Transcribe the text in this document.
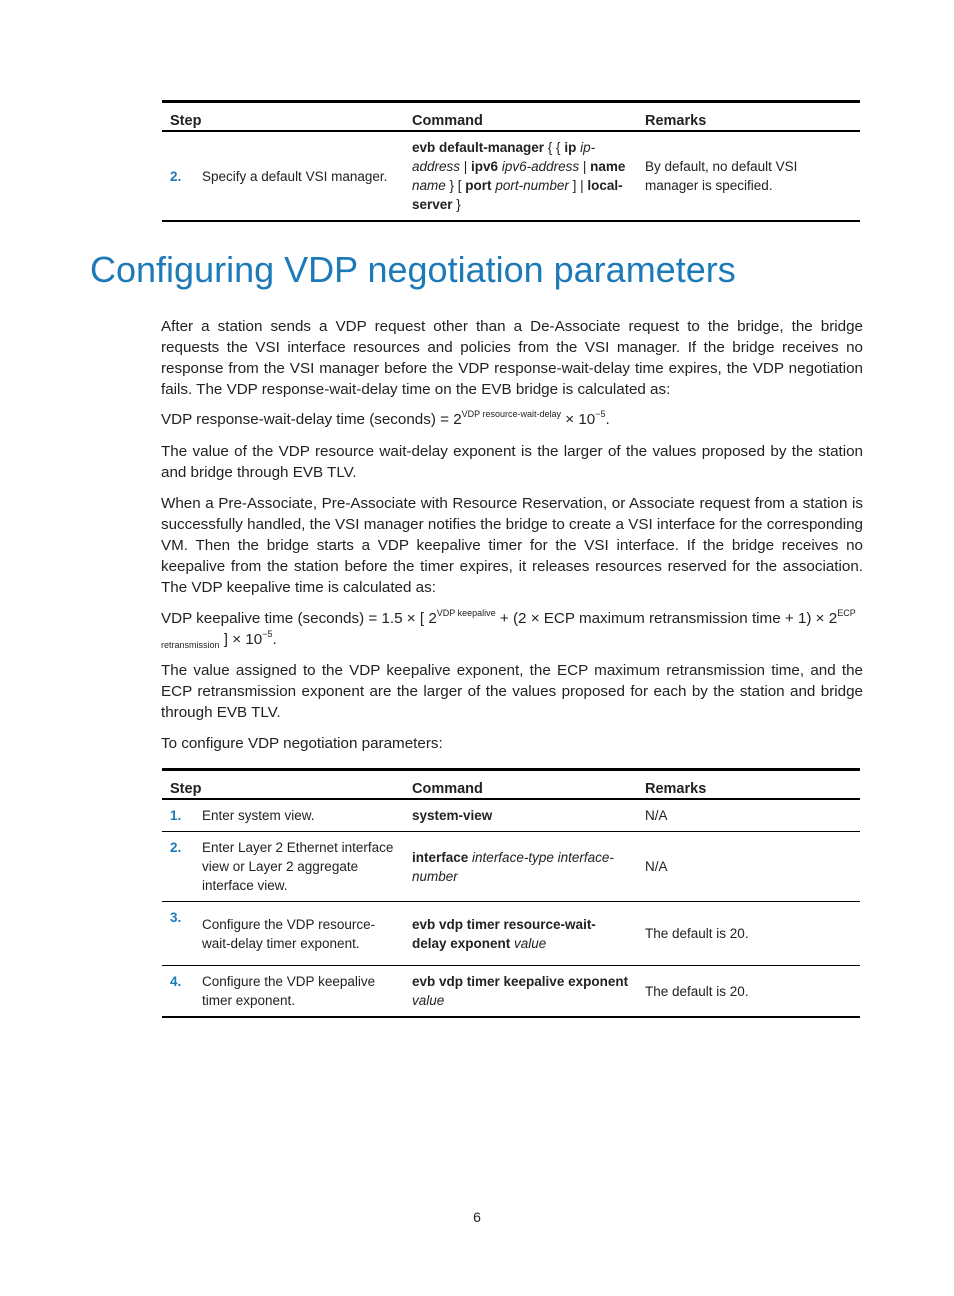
Step		Command	Remarks
2.	Specify a default VSI manager.	evb default-manager { { ip ip-address | ipv6 ipv6-address | name name } [ port port-number ] | local-server }	By default, no default VSI manager is specified.
Configuring VDP negotiation parameters

After a station sends a VDP request other than a De-Associate request to the bridge, the bridge requests the VSI interface resources and policies from the VSI manager. If the bridge receives no response from the VSI manager before the VDP response-wait-delay time expires, the VDP negotiation fails. The VDP response-wait-delay time on the EVB bridge is calculated as:

VDP response-wait-delay time (seconds) = $2^{VDP resource-wait-delay} \times 10^{-5}$.

The value of the VDP resource wait-delay exponent is the larger of the values proposed by the station and bridge through EVB TLV.

When a Pre-Associate, Pre-Associate with Resource Reservation, or Associate request from a station is successfully handled, the VSI manager notifies the bridge to create a VSI interface for the corresponding VM. Then the bridge starts a VDP keepalive timer for the VSI interface. If the bridge receives no keepalive from the station before the timer expires, it releases resources reserved for the association. The VDP keepalive time is calculated as:

VDP keepalive time (seconds) = 1.5 × [ $2^{VDP keepalive} + (2$ × ECP maximum retransmission time + $1) \times 2^{ECP}$
$_{retransmission}$ ] × $10^{-5}$.

The value assigned to the VDP keepalive exponent, the ECP maximum retransmission time, and the ECP retransmission exponent are the larger of the values proposed for each by the station and bridge through EVB TLV.

To configure VDP negotiation parameters:

Step		Command	Remarks
1.	Enter system view.	system-view	N/A
2.	Enter Layer 2 Ethernet interface view or Layer 2 aggregate interface view.	interface interface-type interface-number	N/A
3.	Configure the VDP resource-wait-delay timer exponent.	evb vdp timer resource-wait-delay exponent value	The default is 20.
4.	Configure the VDP keepalive timer exponent.	evb vdp timer keepalive exponent value	The default is 20.
6
